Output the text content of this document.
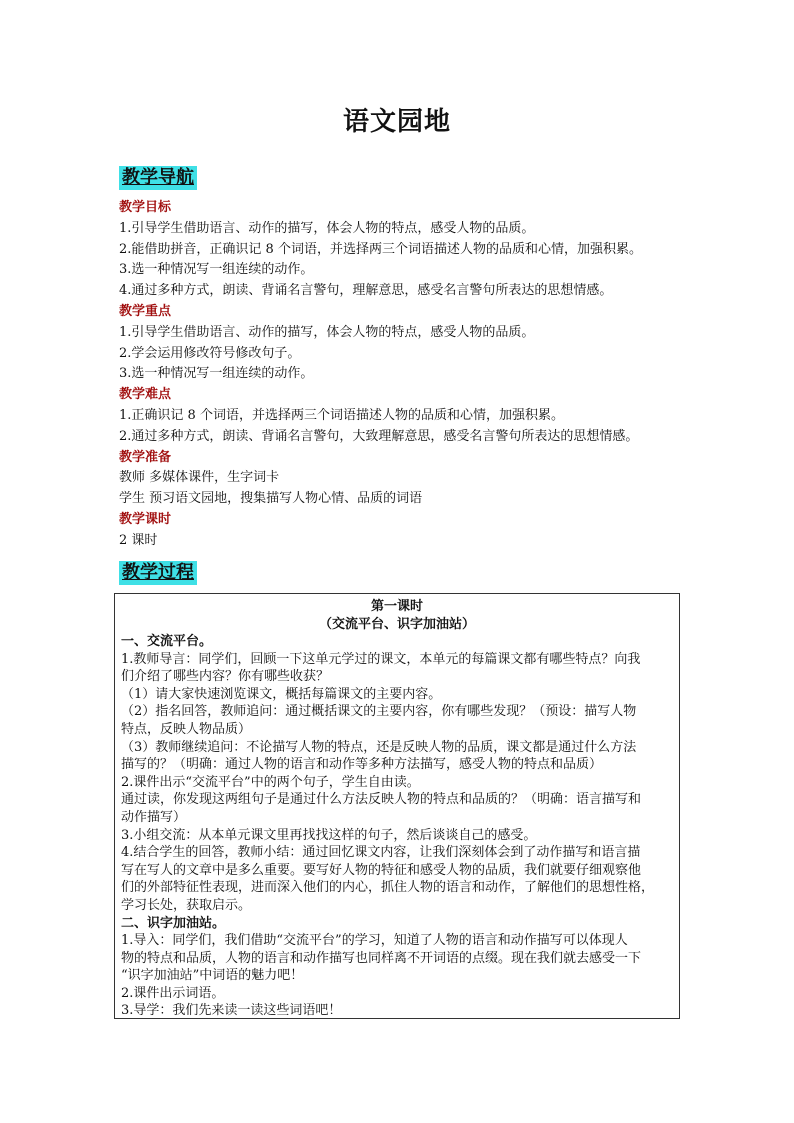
语文园地
教学导航
教学目标
1.引导学生借助语言、动作的描写，体会人物的特点，感受人物的品质。
2.能借助拼音，正确识记 8 个词语，并选择两三个词语描述人物的品质和心情，加强积累。
3.选一种情况写一组连续的动作。
4.通过多种方式，朗读、背诵名言警句，理解意思，感受名言警句所表达的思想情感。
教学重点
1.引导学生借助语言、动作的描写，体会人物的特点，感受人物的品质。
2.学会运用修改符号修改句子。
3.选一种情况写一组连续的动作。
教学难点
1.正确识记 8 个词语，并选择两三个词语描述人物的品质和心情，加强积累。
2.通过多种方式，朗读、背诵名言警句，大致理解意思，感受名言警句所表达的思想情感。
教学准备
教师 多媒体课件，生字词卡
学生 预习语文园地，搜集描写人物心情、品质的词语
教学课时
2 课时
教学过程
第一课时
（交流平台、识字加油站）
一、交流平台。
1.教师导言：同学们，回顾一下这单元学过的课文，本单元的每篇课文都有哪些特点？向我
们介绍了哪些内容？你有哪些收获？
（1）请大家快速浏览课文，概括每篇课文的主要内容。
（2）指名回答，教师追问：通过概括课文的主要内容，你有哪些发现？（预设：描写人物
特点，反映人物品质）
（3）教师继续追问：不论描写人物的特点，还是反映人物的品质，课文都是通过什么方法
描写的？（明确：通过人物的语言和动作等多种方法描写，感受人物的特点和品质）
2.课件出示“交流平台”中的两个句子，学生自由读。
通过读，你发现这两组句子是通过什么方法反映人物的特点和品质的？（明确：语言描写和
动作描写）
3.小组交流：从本单元课文里再找找这样的句子，然后谈谈自己的感受。
4.结合学生的回答，教师小结：通过回忆课文内容，让我们深刻体会到了动作描写和语言描
写在写人的文章中是多么重要。要写好人物的特征和感受人物的品质，我们就要仔细观察他
们的外部特征性表现，进而深入他们的内心，抓住人物的语言和动作，了解他们的思想性格，
学习长处，获取启示。
二、识字加油站。
1.导入：同学们，我们借助“交流平台”的学习，知道了人物的语言和动作描写可以体现人
物的特点和品质，人物的语言和动作描写也同样离不开词语的点缀。现在我们就去感受一下
“识字加油站”中词语的魅力吧！
2.课件出示词语。
3.导学：我们先来读一读这些词语吧！
